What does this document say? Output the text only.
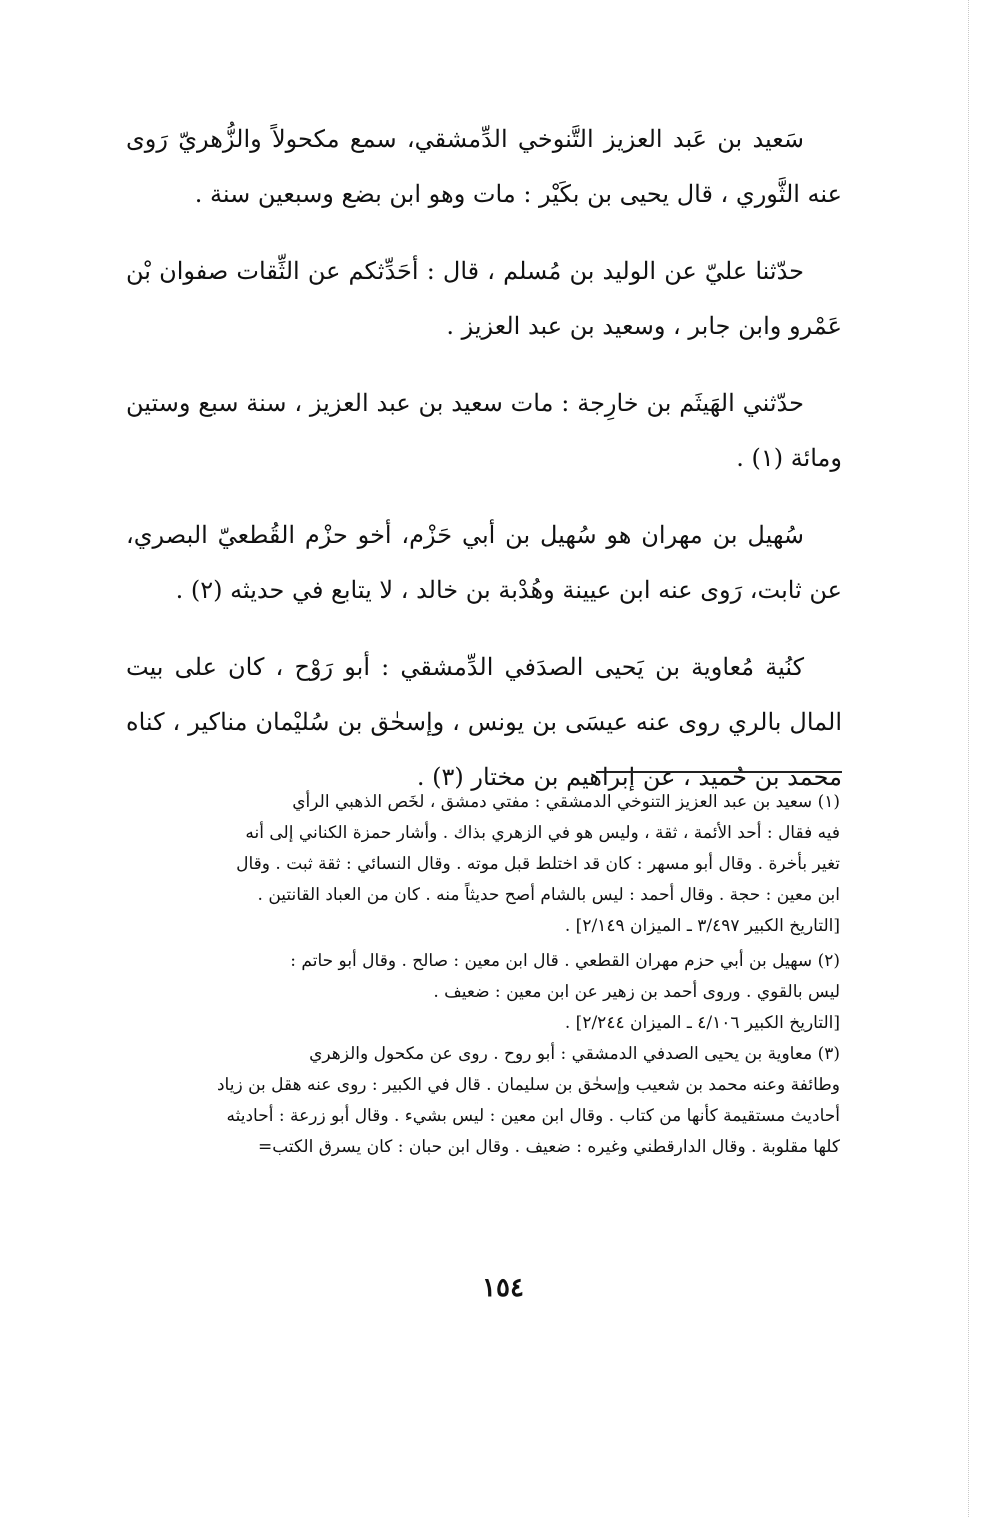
سَعيد بن عَبد العزيز التَّنوخي الدِّمشقي، سمع مكحولاً والزُّهريّ رَوى عنه الثَّوري ، قال يحيى بن بكَيْر : مات وهو ابن بضع وسبعين سنة .

حدّثنا عليّ عن الوليد بن مُسلم ، قال : أحَدِّثكم عن الثِّقات صفوان بْن عَمْرو وابن جابر ، وسعيد بن عبد العزيز .

حدّثني الهَيثَم بن خارِجة : مات سعيد بن عبد العزيز ، سنة سبع وستين ومائة (١) .

سُهيل بن مهران هو سُهيل بن أبي حَزْم، أخو حزْم القُطعيّ البصري، عن ثابت، رَوى عنه ابن عيينة وهُدْبة بن خالد ، لا يتابع في حديثه (٢) .

كنُية مُعاوية بن يَحيى الصدَفي الدِّمشقي : أبو رَوْح ، كان على بيت المال بالري روى عنه عيسَى بن يونس ، وإسحٰق بن سُليْمان مناكير ، كناه محمد بن حُميد ، عن إبراهيم بن مختار (٣) .

(١) سعيد بن عبد العزيز التنوخي الدمشقي : مفتي دمشق ، لخَص الذهبي الرأي

فيه فقال : أحد الأئمة ، ثقة ، وليس هو في الزهري بذاك . وأشار حمزة الكناني إلى أنه

تغير بأخرة . وقال أبو مسهر : كان قد اختلط قبل موته . وقال النسائي : ثقة ثبت . وقال

ابن معين : حجة . وقال أحمد : ليس بالشام أصح حديثاً منه . كان من العباد القانتين .

[التاريخ الكبير ٣/٤٩٧ ـ الميزان ٢/١٤٩] .

(٢) سهيل بن أبي حزم مهران القطعي . قال ابن معين : صالح . وقال أبو حاتم :

ليس بالقوي . وروى أحمد بن زهير عن ابن معين : ضعيف .

[التاريخ الكبير ٤/١٠٦ ـ الميزان ٢/٢٤٤] .

(٣) معاوية بن يحيى الصدفي الدمشقي : أبو روح . روى عن مكحول والزهري

وطائفة وعنه محمد بن شعيب وإسحٰق بن سليمان . قال في الكبير : روى عنه هقل بن زياد

أحاديث مستقيمة كأنها من كتاب . وقال ابن معين : ليس بشيء . وقال أبو زرعة : أحاديثه

كلها مقلوبة . وقال الدارقطني وغيره : ضعيف . وقال ابن حبان : كان يسرق الكتب=

١٥٤
